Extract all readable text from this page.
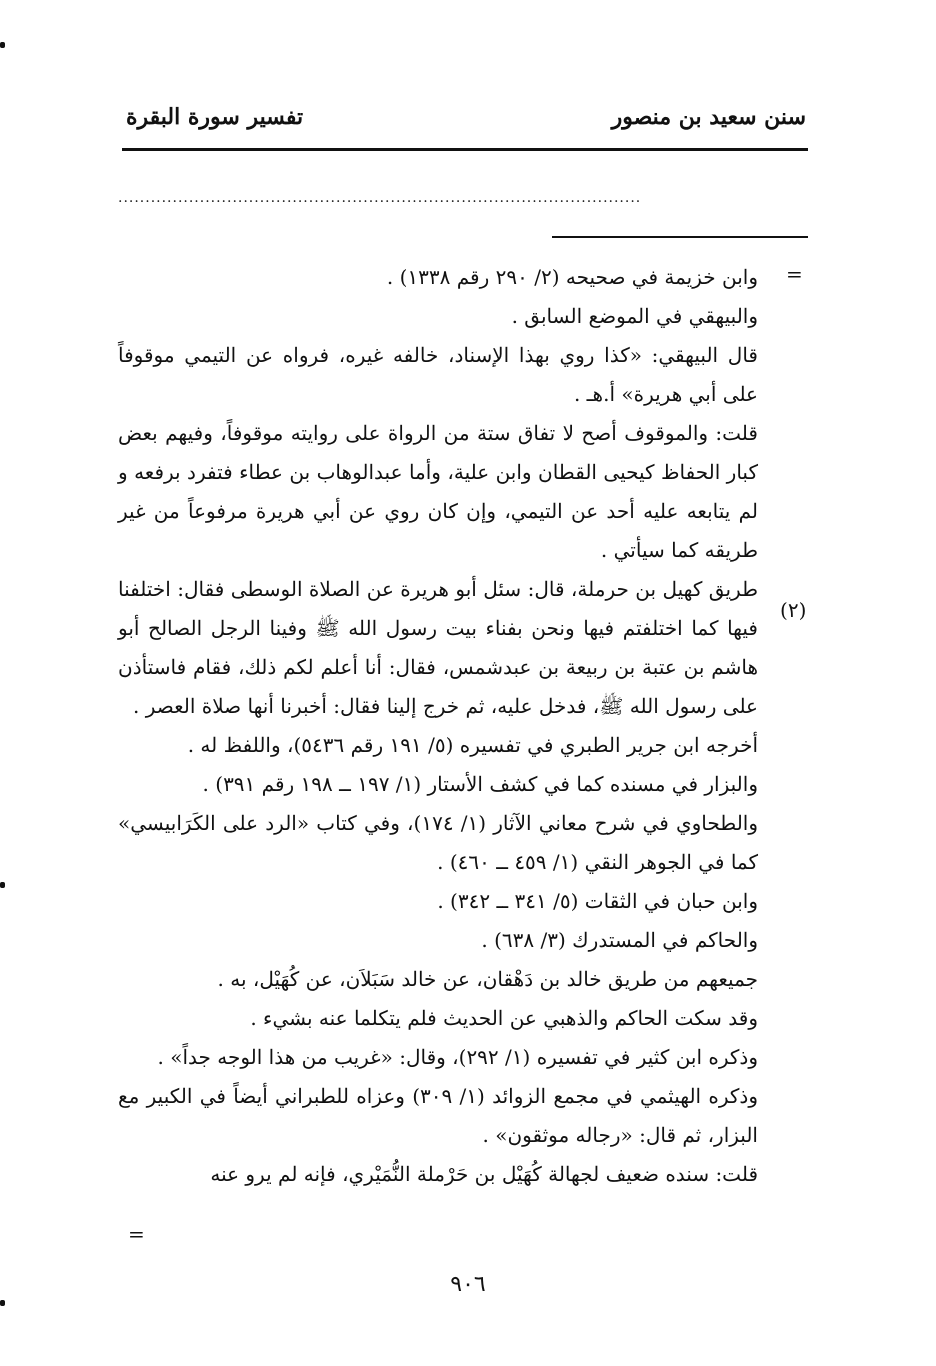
سنن سعيد بن منصور
تفسير سورة البقرة
................................................................................................
=
(٢)
=

وابن خزيمة في صحيحه (٢/ ٢٩٠ رقم ١٣٣٨) .

والبيهقي في الموضع السابق .

قال البيهقي: «كذا روي بهذا الإسناد، خالفه غيره، فرواه عن التيمي موقوفاً على أبي هريرة» أ.هـ .

قلت: والموقوف أصح لا تفاق ستة من الرواة على روايته موقوفاً، وفيهم بعض كبار الحفاظ كيحيى القطان وابن علية، وأما عبدالوهاب بن عطاء فتفرد برفعه و لم يتابعه عليه أحد عن التيمي، وإن كان روي عن أبي هريرة مرفوعاً من غير طريقه كما سيأتي .

طريق كهيل بن حرملة، قال: سئل أبو هريرة عن الصلاة الوسطى فقال: اختلفنا فيها كما اختلفتم فيها ونحن بفناء بيت رسول الله ﷺ وفينا الرجل الصالح أبو هاشم بن عتبة بن ربيعة بن عبدشمس، فقال: أنا أعلم لكم ذلك، فقام فاستأذن على رسول الله ﷺ، فدخل عليه، ثم خرج إلينا فقال: أخبرنا أنها صلاة العصر .

أخرجه ابن جرير الطبري في تفسيره (٥/ ١٩١ رقم ٥٤٣٦)، واللفظ له .

والبزار في مسنده كما في كشف الأستار (١/ ١٩٧ ــ ١٩٨ رقم ٣٩١) .

والطحاوي في شرح معاني الآثار (١/ ١٧٤)، وفي كتاب «الرد على الكَرَابيسي» كما في الجوهر النقي (١/ ٤٥٩ ــ ٤٦٠) .

وابن حبان في الثقات (٥/ ٣٤١ ــ ٣٤٢) .

والحاكم في المستدرك (٣/ ٦٣٨) .

جميعهم من طريق خالد بن دَهْقان، عن خالد سَبَلاَن، عن كُهَيْل، به .

وقد سكت الحاكم والذهبي عن الحديث فلم يتكلما عنه بشيء .

وذكره ابن كثير في تفسيره (١/ ٢٩٢)، وقال: «غريب من هذا الوجه جداً» .

وذكره الهيثمي في مجمع الزوائد (١/ ٣٠٩) وعزاه للطبراني أيضاً في الكبير مع البزار، ثم قال: «رجاله موثقون» .

قلت: سنده ضعيف لجهالة كُهَيْل بن حَرْملة النُّمَيْري، فإنه لم يرو عنه

٩٠٦
